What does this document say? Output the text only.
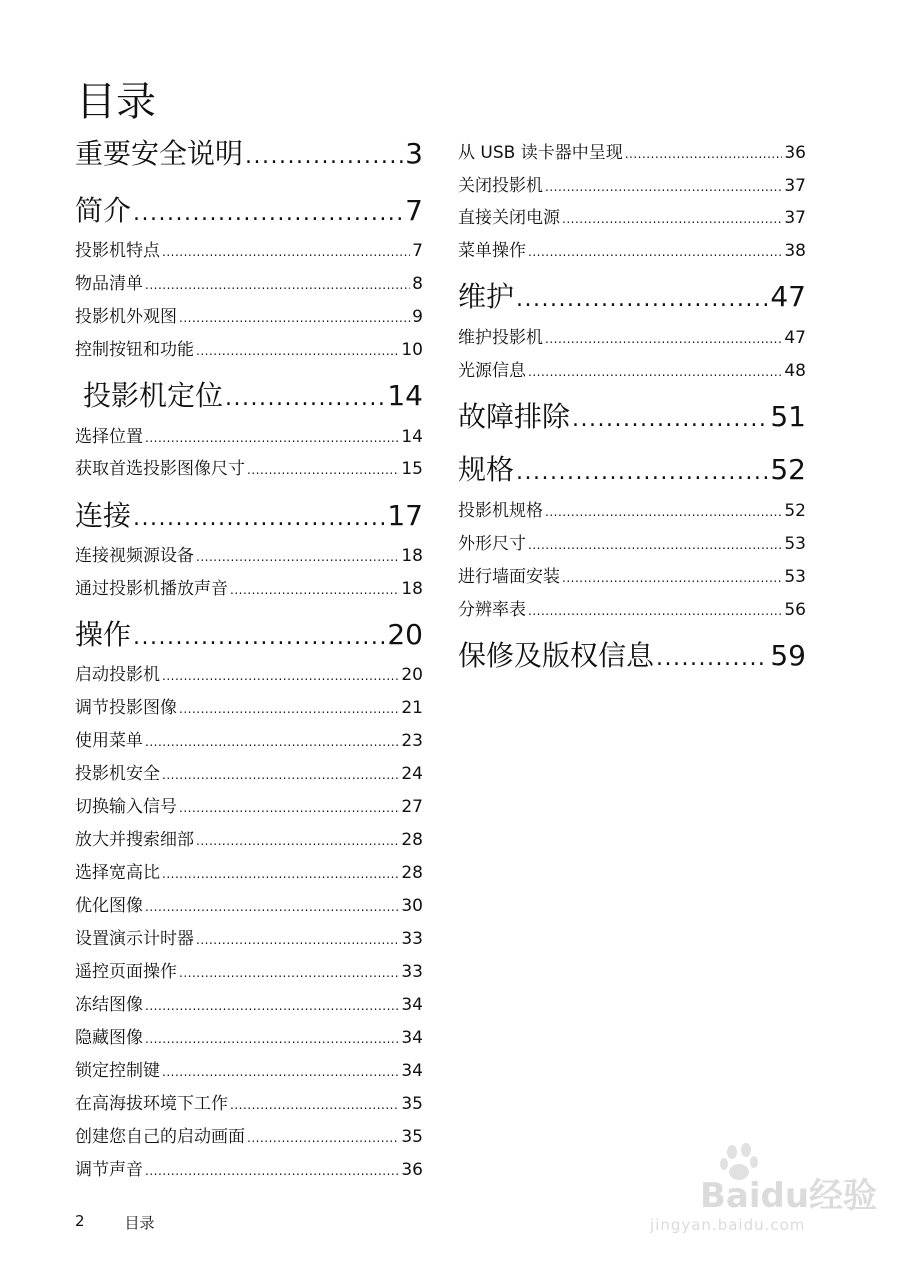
目录
重要安全说明 .....	3
简介 .....	7
投影机特点 .....	7
物品清单 .....	8
投影机外观图 .....	9
控制按钮和功能 .....	10
投影机定位 .....	14
选择位置 .....	14
获取首选投影图像尺寸 .....	15
连接 .....	17
连接视频源设备 .....	18
通过投影机播放声音 .....	18
操作 .....	20
启动投影机 .....	20
调节投影图像 .....	21
使用菜单 .....	23
投影机安全 .....	24
切换输入信号 .....	27
放大并搜索细部 .....	28
选择宽高比 .....	28
优化图像 .....	30
设置演示计时器 .....	33
遥控页面操作 .....	33
冻结图像 .....	34
隐藏图像 .....	34
锁定控制键 .....	34
在高海拔环境下工作 .....	35
创建您自己的启动画面 .....	35
调节声音 .....	36
从 USB 读卡器中呈现 .....	36
关闭投影机 .....	37
直接关闭电源 .....	37
菜单操作 .....	38
维护 .....	47
维护投影机 .....	47
光源信息 .....	48
故障排除 .....	51
规格 .....	52
投影机规格 .....	52
外形尺寸 .....	53
进行墙面安装 .....	53
分辨率表 .....	56
保修及版权信息 .....	59
2	目录
Baidu经验
jingyan.baidu.com
